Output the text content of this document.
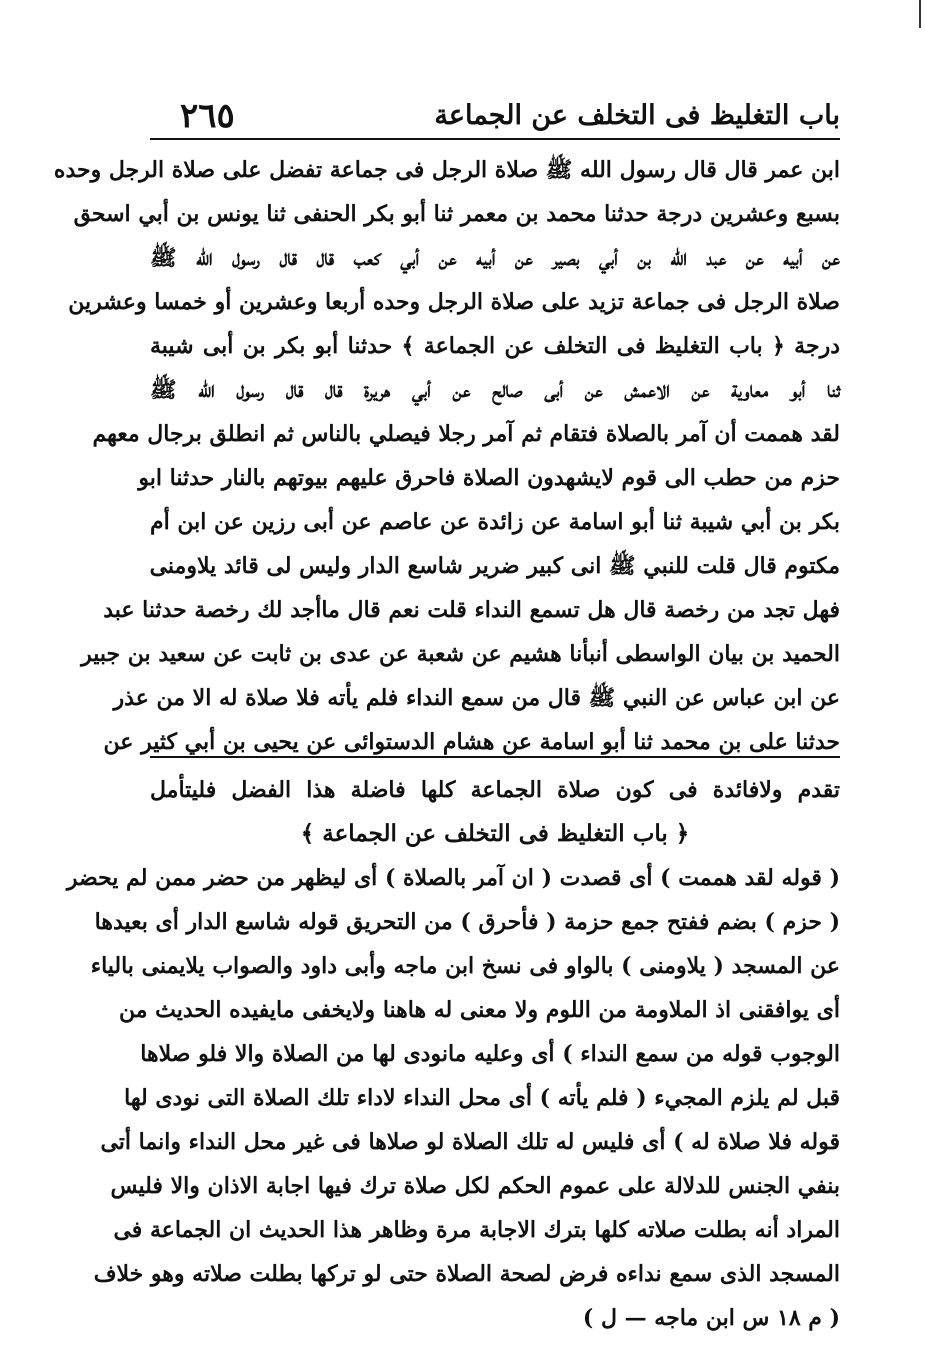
باب التغليظ فى التخلف عن الجماعة
٢٦٥
ابن عمر قال قال رسول الله ﷺ صلاة الرجل فى جماعة تفضل على صلاة الرجل وحده
بسبع وعشرين درجة حدثنا محمد بن معمر ثنا أبو بكر الحنفى ثنا يونس بن أبي اسحق
عن أبيه عن عبد الله بن أبي بصير عن أبيه عن أبي كعب قال قال رسول الله ﷺ
صلاة الرجل فى جماعة تزيد على صلاة الرجل وحده أربعا وعشرين أو خمسا وعشرين
درجة ﴿ باب التغليظ فى التخلف عن الجماعة ﴾ حدثنا أبو بكر بن أبى شيبة
ثنا أبو معاوية عن الاعمش عن أبى صالح عن أبي هريرة قال قال رسول الله ﷺ
لقد هممت أن آمر بالصلاة فتقام ثم آمر رجلا فيصلي بالناس ثم انطلق برجال معهم
حزم من حطب الى قوم لايشهدون الصلاة فاحرق عليهم بيوتهم بالنار حدثنا ابو
بكر بن أبي شيبة ثنا أبو اسامة عن زائدة عن عاصم عن أبى رزين عن ابن أم
مكتوم قال قلت للنبي ﷺ انى كبير ضرير شاسع الدار وليس لى قائد يلاومنى
فهل تجد من رخصة قال هل تسمع النداء قلت نعم قال ماأجد لك رخصة حدثنا عبد
الحميد بن بيان الواسطى أنبأنا هشيم عن شعبة عن عدى بن ثابت عن سعيد بن جبير
عن ابن عباس عن النبي ﷺ قال من سمع النداء فلم يأته فلا صلاة له الا من عذر
حدثنا على بن محمد ثنا أبو اسامة عن هشام الدستوائى عن يحيى بن أبي كثير عن
تقدم ولافائدة فى كون صلاة الجماعة كلها فاضلة هذا الفضل فليتأمل
﴿ باب التغليظ فى التخلف عن الجماعة ﴾
( قوله لقد هممت ) أى قصدت ( ان آمر بالصلاة ) أى ليظهر من حضر ممن لم يحضر
( حزم ) بضم ففتح جمع حزمة ( فأحرق ) من التحريق قوله شاسع الدار أى بعيدها
عن المسجد ( يلاومنى ) بالواو فى نسخ ابن ماجه وأبى داود والصواب يلايمنى بالياء
أى يوافقنى اذ الملاومة من اللوم ولا معنى له هاهنا ولايخفى مايفيده الحديث من
الوجوب قوله من سمع النداء ) أى وعليه مانودى لها من الصلاة والا فلو صلاها
قبل لم يلزم المجيء ( فلم يأته ) أى محل النداء لاداء تلك الصلاة التى نودى لها
قوله فلا صلاة له ) أى فليس له تلك الصلاة لو صلاها فى غير محل النداء وانما أتى
بنفي الجنس للدلالة على عموم الحكم لكل صلاة ترك فيها اجابة الاذان والا فليس
المراد أنه بطلت صلاته كلها بترك الاجابة مرة وظاهر هذا الحديث ان الجماعة فى
المسجد الذى سمع نداءه فرض لصحة الصلاة حتى لو تركها بطلت صلاته وهو خلاف
( م ١٨ س ابن ماجه — ل )
